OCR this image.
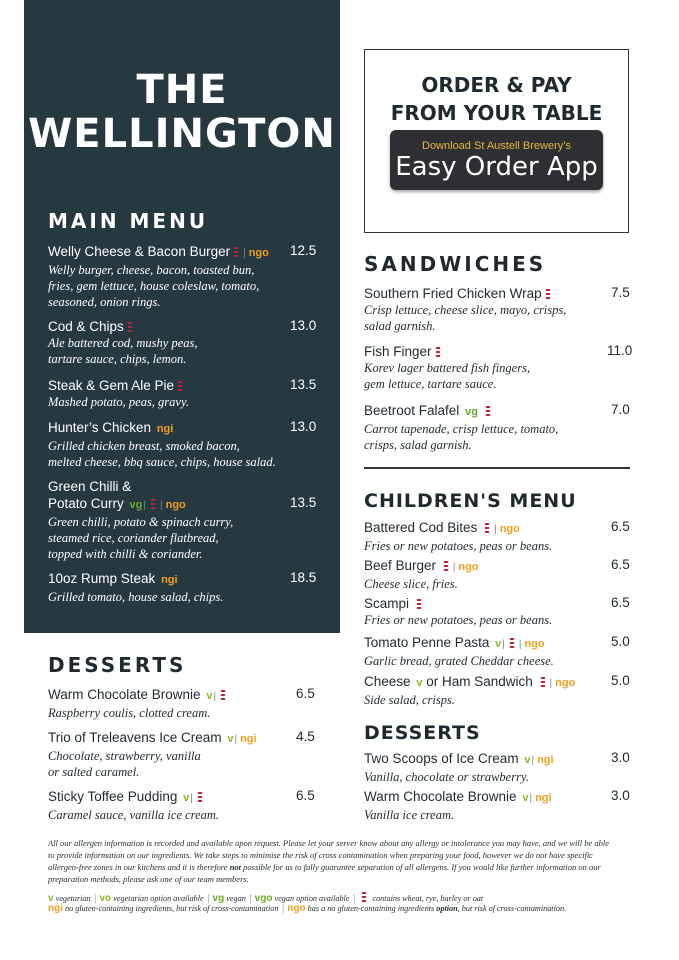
THE
WELLINGTON
MAIN MENU
Welly Cheese & Bacon Burger | ngo
Welly burger, cheese, bacon, toasted bun,
fries, gem lettuce, house coleslaw, tomato,
seasoned, onion rings.
12.5
Cod & Chips
Ale battered cod, mushy peas,
tartare sauce, chips, lemon.
13.0
Steak & Gem Ale Pie
Mashed potato, peas, gravy.
13.5
Hunter’s Chicken ngi
Grilled chicken breast, smoked bacon,
melted cheese, bbq sauce, chips, house salad.
13.0
Green Chilli &
Potato Curry vg| | ngo
Green chilli, potato & spinach curry,
steamed rice, coriander flatbread,
topped with chilli & coriander.
13.5
10oz Rump Steak ngi
Grilled tomato, house salad, chips.
18.5
DESSERTS
Warm Chocolate Brownie v|
Raspberry coulis, clotted cream.
6.5
Trio of Treleavens Ice Cream v| ngi
Chocolate, strawberry, vanilla
or salted caramel.
4.5
Sticky Toffee Pudding v|
Caramel sauce, vanilla ice cream.
6.5
ORDER & PAY
FROM YOUR TABLE
Download St Austell Brewery’s
Easy Order App
SANDWICHES
Southern Fried Chicken Wrap
Crisp lettuce, cheese slice, mayo, crisps,
salad garnish.
7.5
Fish Finger
Korev lager battered fish fingers,
gem lettuce, tartare sauce.
11.0
Beetroot Falafel vg
Carrot tapenade, crisp lettuce, tomato,
crisps, salad garnish.
7.0
CHILDREN'S MENU
Battered Cod Bites | ngo
Fries or new potatoes, peas or beans.
6.5
Beef Burger | ngo
Cheese slice, fries.
6.5
Scampi
Fries or new potatoes, peas or beans.
6.5
Tomato Penne Pasta v| | ngo
Garlic bread, grated Cheddar cheese.
5.0
Cheese v or Ham Sandwich | ngo
Side salad, crisps.
5.0
DESSERTS
Two Scoops of Ice Cream v| ngi
Vanilla, chocolate or strawberry.
3.0
Warm Chocolate Brownie v| ngi
Vanilla ice cream.
3.0
All our allergen information is recorded and available upon request. Please let your server know about any allergy or intolerance you may have, and we will be able
to provide information on our ingredients. We take steps to minimise the risk of cross contamination when preparing your food, however we do not have specific
allergen-free zones in our kitchens and it is therefore not possible for us to fully guarantee separation of all allergens. If you would like further information on our
preparation methods, please ask one of our team members.
v vegetarian | vo vegetarian option available | vg vegan | vgo vegan option available | contains wheat, rye, barley or oat
ngi no gluten-containing ingredients, but risk of cross-contamination | ngo has a no gluten-containing ingredients option, but risk of cross-contamination.
